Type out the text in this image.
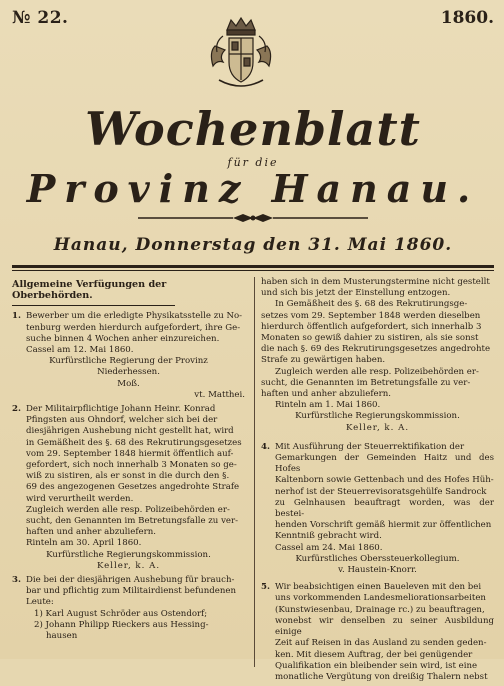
№ 22.	1860.
Wochenblatt
für die
Provinz Hanau.
Hanau, Donnerstag den 31. Mai 1860.
Allgemeine Verfügungen der Oberbehörden.
1. Bewerber um die erledigte Physikatsstelle zu No-
tenburg werden hierdurch aufgefordert, ihre Ge-
suche binnen 4 Wochen anher einzureichen.
Cassel am 12. Mai 1860.
Kurfürstliche Regierung der Provinz
Niederhessen.
Moß.
vt. Matthei.
2. Der Militairpflichtige Johann Heinr. Konrad
Pfingsten aus Ohndorf, welcher sich bei der
diesjährigen Aushebung nicht gestellt hat, wird
in Gemäßheit des §. 68 des Rekrutirungsgesetzes
vom 29. September 1848 hiermit öffentlich auf-
gefordert, sich noch innerhalb 3 Monaten so ge-
wiß zu sistiren, als er sonst in die durch den §.
69 des angezogenen Gesetzes angedrohte Strafe
wird verurtheilt werden.
Zugleich werden alle resp. Polizeibehörden er-
sucht, den Genannten im Betretungsfalle zu ver-
haften und anher abzuliefern.
Rinteln am 30. April 1860.
Kurfürstliche Regierungskommission.
Keller, k. A.
3. Die bei der diesjährigen Aushebung für brauch-
bar und pflichtig zum Militairdienst befundenen
Leute:
1) Karl August Schröder aus Ostendorf;
2) Johann Philipp Rieckers aus Hessing-
hausen
haben sich in dem Musterungstermine nicht gestellt
und sich bis jetzt der Einstellung entzogen.
In Gemäßheit des §. 68 des Rekrutirungsge-
setzes vom 29. September 1848 werden dieselben
hierdurch öffentlich aufgefordert, sich innerhalb 3
Monaten so gewiß dahier zu sistiren, als sie sonst
die nach §. 69 des Rekrutirungsgesetzes angedrohte
Strafe zu gewärtigen haben.
Zugleich werden alle resp. Polizeibehörden er-
sucht, die Genannten im Betretungsfalle zu ver-
haften und anher abzuliefern.
Rinteln am 1. Mai 1860.
Kurfürstliche Regierungskommission.
Keller, k. A.
4. Mit Ausführung der Steuerrektifikation der
Gemarkungen der Gemeinden Haitz und des Hofes
Kaltenborn sowie Gettenbach und des Hofes Hüh-
nerhof ist der Steuerrevisoratsgehülfe Sandrock
zu Gelnhausen beauftragt worden, was der bestei-
henden Vorschrift gemäß hiermit zur öffentlichen
Kenntniß gebracht wird.
Cassel am 24. Mai 1860.
Kurfürstliches Oberssteuerkollegium.
v. Haustein-Knorr.
5. Wir beabsichtigen einen Baueleven mit den bei
uns vorkommenden Landesmeliorationsarbeiten
(Kunstwiesenbau, Drainage rc.) zu beauftragen,
wonebst wir denselben zu seiner Ausbildung einige
Zeit auf Reisen in das Ausland zu senden geden-
ken. Mit diesem Auftrag, der bei genügender
Qualifikation ein bleibender sein wird, ist eine
monatliche Vergütung von dreißig Thalern nebst
